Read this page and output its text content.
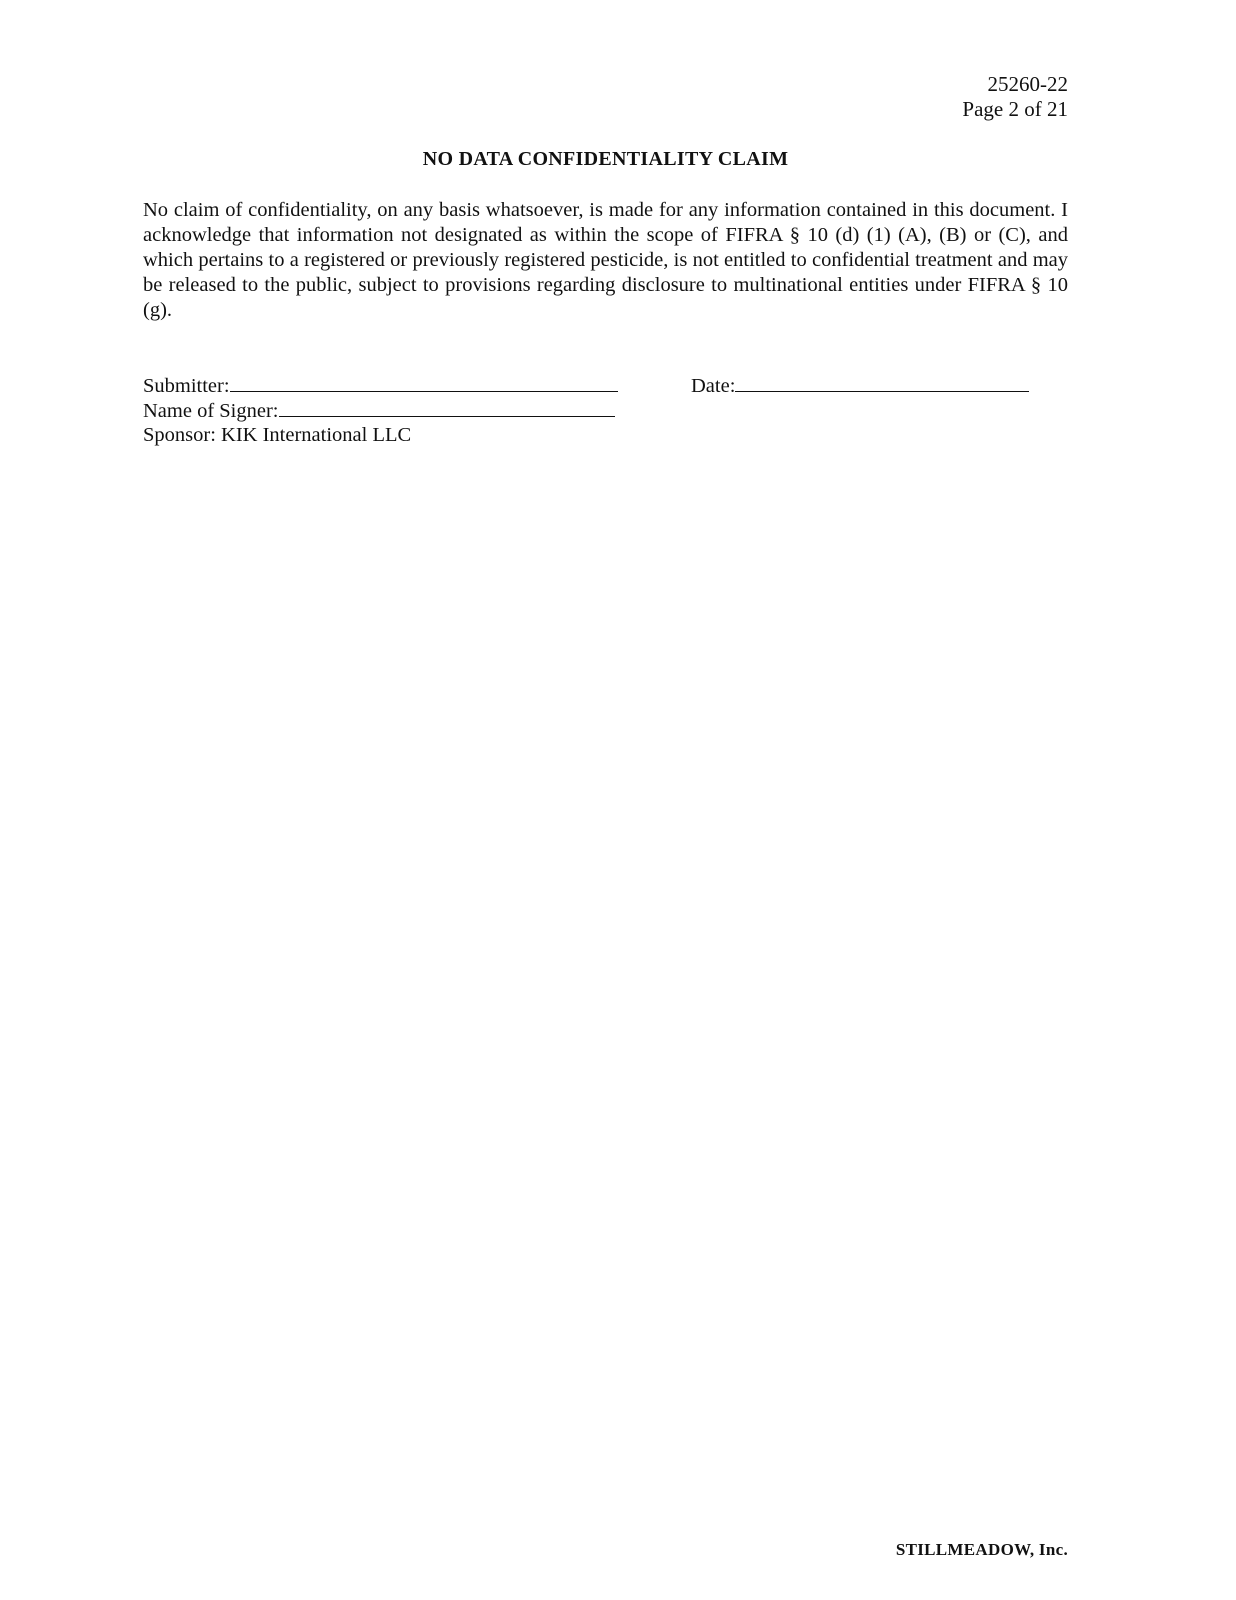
25260-22
Page 2 of 21
NO DATA CONFIDENTIALITY CLAIM
No claim of confidentiality, on any basis whatsoever, is made for any information contained in this document. I acknowledge that information not designated as within the scope of FIFRA § 10 (d) (1) (A), (B) or (C), and which pertains to a registered or previously registered pesticide, is not entitled to confidential treatment and may be released to the public, subject to provisions regarding disclosure to multinational entities under FIFRA § 10 (g).
Submitter:	Date:
Name of Signer:
Sponsor: KIK International LLC
STILLMEADOW, Inc.
